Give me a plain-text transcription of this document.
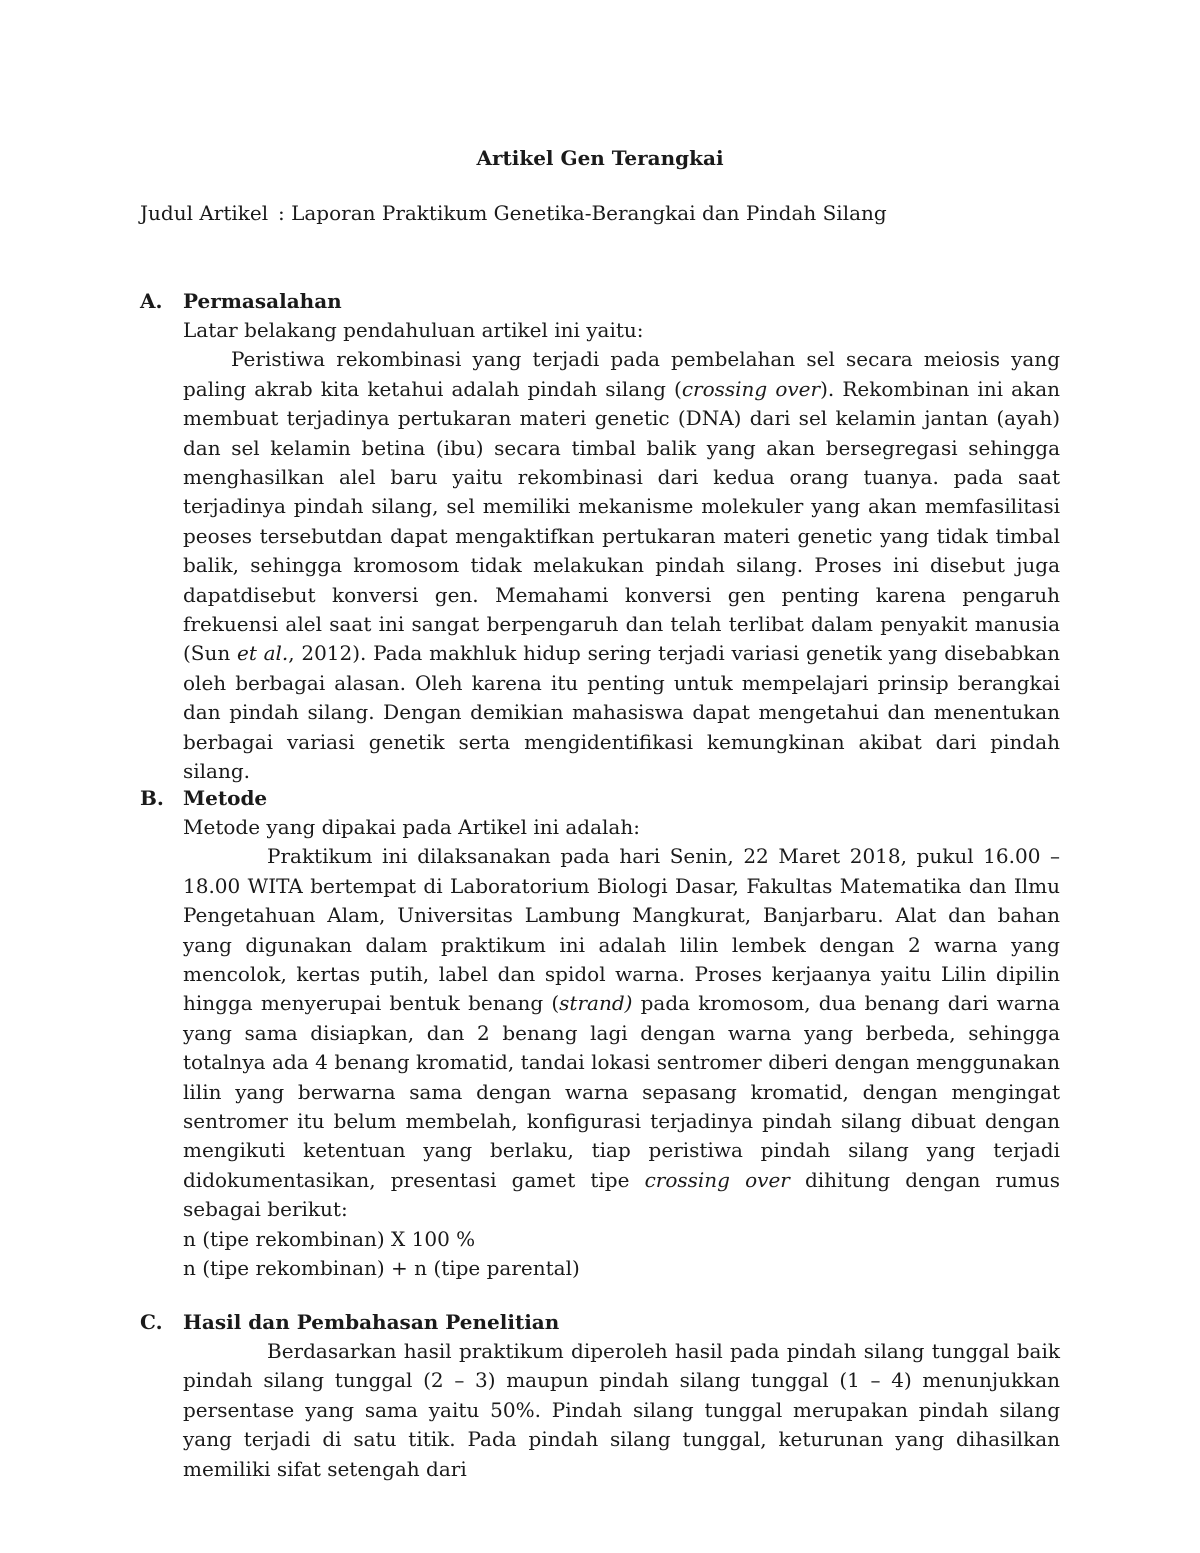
Artikel Gen Terangkai
Judul Artikel : Laporan Praktikum Genetika-Berangkai dan Pindah Silang
A. Permasalahan
Latar belakang pendahuluan artikel ini yaitu:

Peristiwa rekombinasi yang terjadi pada pembelahan sel secara meiosis yang paling akrab kita ketahui adalah pindah silang (crossing over). Rekombinan ini akan membuat terjadinya pertukaran materi genetic (DNA) dari sel kelamin jantan (ayah) dan sel kelamin betina (ibu) secara timbal balik yang akan bersegregasi sehingga menghasilkan alel baru yaitu rekombinasi dari kedua orang tuanya. pada saat terjadinya pindah silang, sel memiliki mekanisme molekuler yang akan memfasilitasi peoses tersebutdan dapat mengaktifkan pertukaran materi genetic yang tidak timbal balik, sehingga kromosom tidak melakukan pindah silang. Proses ini disebut juga dapatdisebut konversi gen. Memahami konversi gen penting karena pengaruh frekuensi alel saat ini sangat berpengaruh dan telah terlibat dalam penyakit manusia (Sun et al., 2012). Pada makhluk hidup sering terjadi variasi genetik yang disebabkan oleh berbagai alasan. Oleh karena itu penting untuk mempelajari prinsip berangkai dan pindah silang. Dengan demikian mahasiswa dapat mengetahui dan menentukan berbagai variasi genetik serta mengidentifikasi kemungkinan akibat dari pindah silang.

B. Metode
Metode yang dipakai pada Artikel ini adalah:

Praktikum ini dilaksanakan pada hari Senin, 22 Maret 2018, pukul 16.00 – 18.00 WITA bertempat di Laboratorium Biologi Dasar, Fakultas Matematika dan Ilmu Pengetahuan Alam, Universitas Lambung Mangkurat, Banjarbaru. Alat dan bahan yang digunakan dalam praktikum ini adalah lilin lembek dengan 2 warna yang mencolok, kertas putih, label dan spidol warna. Proses kerjaanya yaitu Lilin dipilin hingga menyerupai bentuk benang (strand) pada kromosom, dua benang dari warna yang sama disiapkan, dan 2 benang lagi dengan warna yang berbeda, sehingga totalnya ada 4 benang kromatid, tandai lokasi sentromer diberi dengan menggunakan lilin yang berwarna sama dengan warna sepasang kromatid, dengan mengingat sentromer itu belum membelah, konfigurasi terjadinya pindah silang dibuat dengan mengikuti ketentuan yang berlaku, tiap peristiwa pindah silang yang terjadi didokumentasikan, presentasi gamet tipe crossing over dihitung dengan rumus sebagai berikut:

n (tipe rekombinan) X 100 %
n (tipe rekombinan) + n (tipe parental)
C. Hasil dan Pembahasan Penelitian

Berdasarkan hasil praktikum diperoleh hasil pada pindah silang tunggal baik pindah silang tunggal (2 – 3) maupun pindah silang tunggal (1 – 4) menunjukkan persentase yang sama yaitu 50%. Pindah silang tunggal merupakan pindah silang yang terjadi di satu titik. Pada pindah silang tunggal, keturunan yang dihasilkan memiliki sifat setengah dari
